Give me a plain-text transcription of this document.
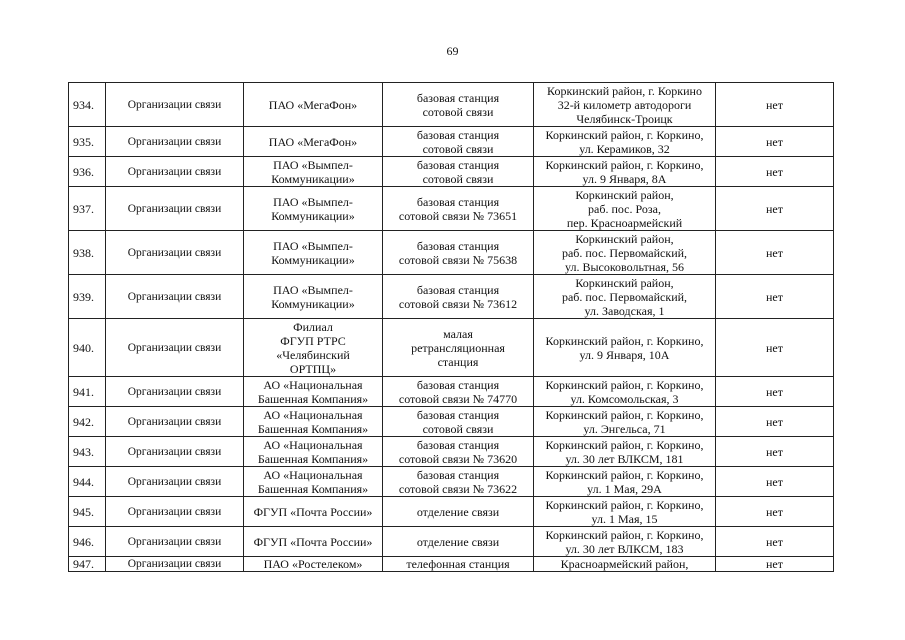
69
934.	Организации связи	ПАО «МегаФон»	базовая станция
сотовой связи	Коркинский район, г. Коркино
32-й километр автодороги
Челябинск-Троицк	нет
935.	Организации связи	ПАО «МегаФон»	базовая станция
сотовой связи	Коркинский район, г. Коркино,
ул. Керамиков, 32	нет
936.	Организации связи	ПАО «Вымпел-
Коммуникации»	базовая станция
сотовой связи	Коркинский район, г. Коркино,
ул. 9 Января, 8А	нет
937.	Организации связи	ПАО «Вымпел-
Коммуникации»	базовая станция
сотовой связи № 73651	Коркинский район,
раб. пос. Роза,
пер. Красноармейский	нет
938.	Организации связи	ПАО «Вымпел-
Коммуникации»	базовая станция
сотовой связи № 75638	Коркинский район,
раб. пос. Первомайский,
ул. Высоковольтная, 56	нет
939.	Организации связи	ПАО «Вымпел-
Коммуникации»	базовая станция
сотовой связи № 73612	Коркинский район,
раб. пос. Первомайский,
ул. Заводская, 1	нет
940.	Организации связи	Филиал
ФГУП РТРС
«Челябинский
ОРТПЦ»	малая
ретрансляционная
станция	Коркинский район, г. Коркино,
ул. 9 Января, 10А	нет
941.	Организации связи	АО «Национальная
Башенная Компания»	базовая станция
сотовой связи № 74770	Коркинский район, г. Коркино,
ул. Комсомольская, 3	нет
942.	Организации связи	АО «Национальная
Башенная Компания»	базовая станция
сотовой связи	Коркинский район, г. Коркино,
ул. Энгельса, 71	нет
943.	Организации связи	АО «Национальная
Башенная Компания»	базовая станция
сотовой связи № 73620	Коркинский район, г. Коркино,
ул. 30 лет ВЛКСМ, 181	нет
944.	Организации связи	АО «Национальная
Башенная Компания»	базовая станция
сотовой связи № 73622	Коркинский район, г. Коркино,
ул. 1 Мая, 29А	нет
945.	Организации связи	ФГУП «Почта России»	отделение связи	Коркинский район, г. Коркино,
ул. 1 Мая, 15	нет
946.	Организации связи	ФГУП «Почта России»	отделение связи	Коркинский район, г. Коркино,
ул. 30 лет ВЛКСМ, 183	нет
947.	Организации связи	ПАО «Ростелеком»	телефонная станция	Красноармейский район,	нет
